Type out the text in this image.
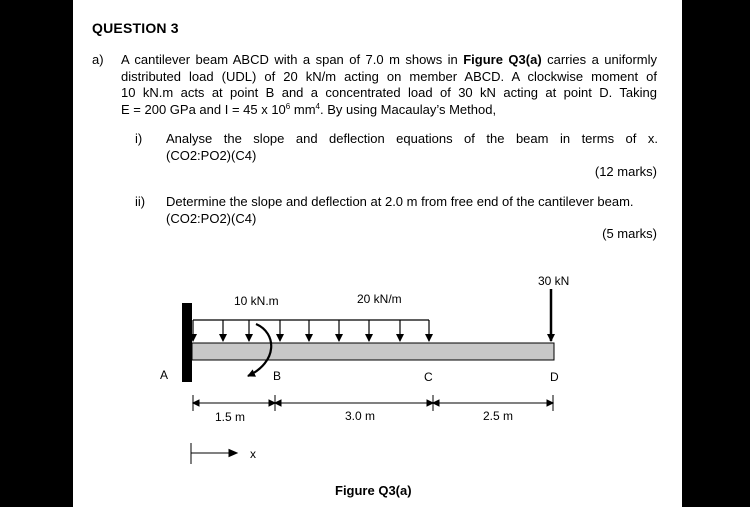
QUESTION 3
a) A cantilever beam ABCD with a span of 7.0 m shows in Figure Q3(a) carries a uniformly
distributed load (UDL) of 20 kN/m acting on member ABCD. A clockwise moment of
10 kN.m acts at point B and a concentrated load of 30 kN acting at point D. Taking
E = 200 GPa and I = 45 x $10^6$ $mm^4$. By using Macaulay’s Method,
i) Analyse the slope and deflection equations of the beam in terms of x.
(CO2:PO2)(C4)
(12 marks)
ii) Determine the slope and deflection at 2.0 m from free end of the cantilever beam.
(CO2:PO2)(C4)
(5 marks)
10 kN.m	20 kN/m
30 kN
A	B	C	D
1.5 m	3.0 m	2.5 m
x
Figure Q3(a)
